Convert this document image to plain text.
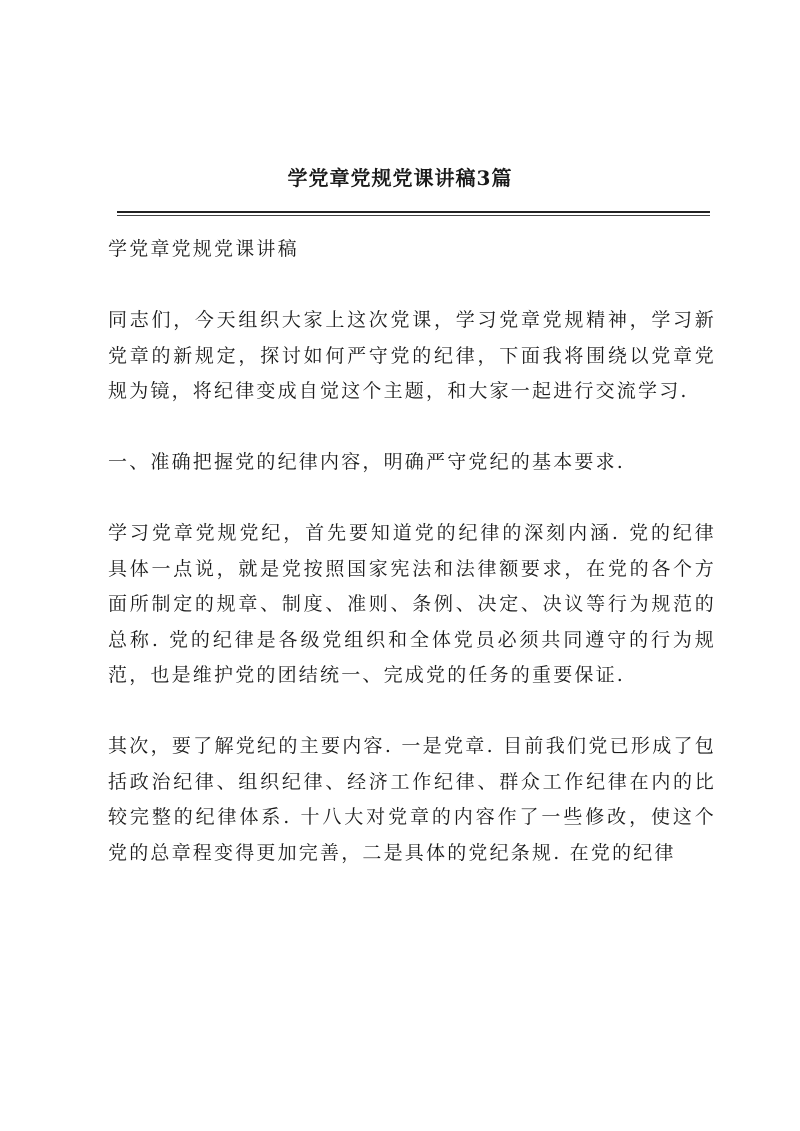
学党章党规党课讲稿3篇

学党章党规党课讲稿

同志们，今天组织大家上这次党课，学习党章党规精神，学习新党章的新规定，探讨如何严守党的纪律，下面我将围绕以党章党规为镜，将纪律变成自觉这个主题，和大家一起进行交流学习.

一、准确把握党的纪律内容，明确严守党纪的基本要求.

学习党章党规党纪，首先要知道党的纪律的深刻内涵. 党的纪律具体一点说，就是党按照国家宪法和法律额要求，在党的各个方面所制定的规章、制度、准则、条例、决定、决议等行为规范的总称. 党的纪律是各级党组织和全体党员必须共同遵守的行为规范，也是维护党的团结统一、完成党的任务的重要保证.

其次，要了解党纪的主要内容. 一是党章. 目前我们党已形成了包括政治纪律、组织纪律、经济工作纪律、群众工作纪律在内的比较完整的纪律体系. 十八大对党章的内容作了一些修改，使这个党的总章程变得更加完善，二是具体的党纪条规. 在党的纪律
